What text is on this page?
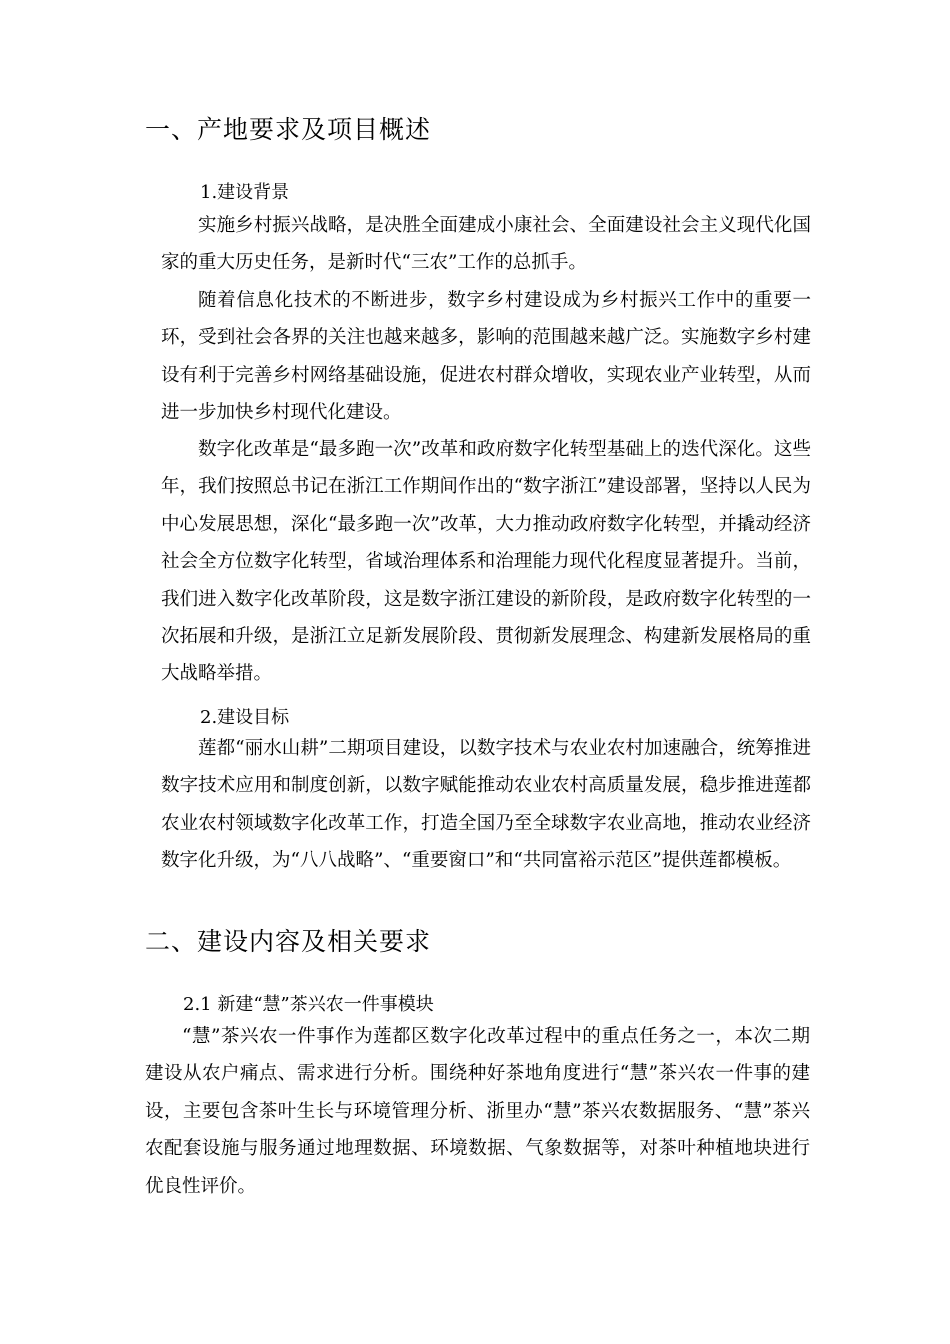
一、产地要求及项目概述
1.建设背景

实施乡村振兴战略，是决胜全面建成小康社会、全面建设社会主义现代化国家的重大历史任务，是新时代“三农”工作的总抓手。

随着信息化技术的不断进步，数字乡村建设成为乡村振兴工作中的重要一环，受到社会各界的关注也越来越多，影响的范围越来越广泛。实施数字乡村建设有利于完善乡村网络基础设施，促进农村群众增收，实现农业产业转型，从而进一步加快乡村现代化建设。

数字化改革是“最多跑一次”改革和政府数字化转型基础上的迭代深化。这些年，我们按照总书记在浙江工作期间作出的“数字浙江”建设部署，坚持以人民为中心发展思想，深化“最多跑一次”改革，大力推动政府数字化转型，并撬动经济社会全方位数字化转型，省域治理体系和治理能力现代化程度显著提升。当前，我们进入数字化改革阶段，这是数字浙江建设的新阶段，是政府数字化转型的一次拓展和升级，是浙江立足新发展阶段、贯彻新发展理念、构建新发展格局的重大战略举措。

2.建设目标

莲都“丽水山耕”二期项目建设，以数字技术与农业农村加速融合，统筹推进数字技术应用和制度创新，以数字赋能推动农业农村高质量发展，稳步推进莲都农业农村领域数字化改革工作，打造全国乃至全球数字农业高地，推动农业经济数字化升级，为“八八战略”、“重要窗口”和“共同富裕示范区”提供莲都模板。

二、建设内容及相关要求
2.1 新建“慧”茶兴农一件事模块

“慧”茶兴农一件事作为莲都区数字化改革过程中的重点任务之一，本次二期建设从农户痛点、需求进行分析。围绕种好茶地角度进行“慧”茶兴农一件事的建设，主要包含茶叶生长与环境管理分析、浙里办“慧”茶兴农数据服务、“慧”茶兴农配套设施与服务通过地理数据、环境数据、气象数据等，对茶叶种植地块进行优良性评价。
